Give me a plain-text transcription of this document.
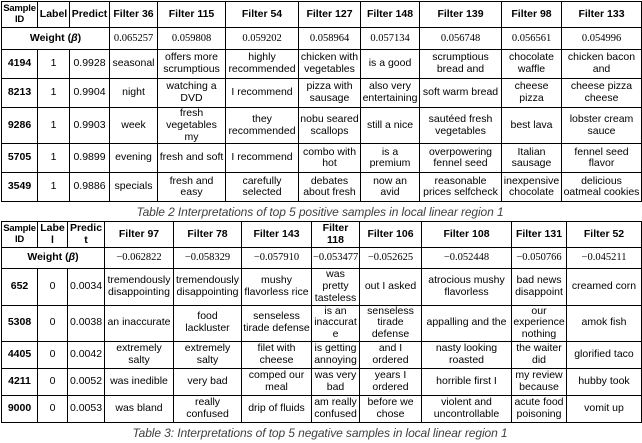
Sample ID	Label	Predict	Filter 36	Filter 115	Filter 54	Filter 127	Filter 148	Filter 139	Filter 98	Filter 133
Weight (β)			0.065257	0.059808	0.059202	0.058964	0.057134	0.056748	0.056561	0.054996
4194	1	0.9928	seasonal	offers more scrumptious	highly recommended	chicken with vegetables	is a good	scrumptious bread and	chocolate waffle	chicken bacon and
8213	1	0.9904	night	watching a DVD	I recommend	pizza with sausage	also very entertaining	soft warm bread	cheese pizza	cheese pizza cheese
9286	1	0.9903	week	fresh vegetables my	they recommended	nobu seared scallops	still a nice	sautéed fresh vegetables	best lava	lobster cream sauce
5705	1	0.9899	evening	fresh and soft	I recommend	combo with hot	is a premium	overpowering fennel seed	Italian sausage	fennel seed flavor
3549	1	0.9886	specials	fresh and easy	carefully selected	debates about fresh	now an avid	reasonable prices selfcheck	inexpensive chocolate	delicious oatmeal cookies
Table 2 Interpretations of top 5 positive samples in local linear region 1
Sample ID	Label	Predict	Filter 97	Filter 78	Filter 143	Filter 118	Filter 106	Filter 108	Filter 131	Filter 52
Weight (β)			−0.062822	−0.058329	−0.057910	−0.053477	−0.052625	−0.052448	−0.050766	−0.045211
652	0	0.0034	tremendously disappointing	tremendously disappointing	mushy flavorless rice	was pretty tasteless	out I asked	atrocious mushy flavorless	bad news disappoint	creamed corn
5308	0	0.0038	an inaccurate	food lackluster	senseless tirade defense	is an inaccurate	senseless tirade defense	appalling and the	our experience nothing	amok fish
4405	0	0.0042	extremely salty	extremely salty	filet with cheese	is getting annoying	and I ordered	nasty looking roasted	the waiter did	glorified taco
4211	0	0.0052	was inedible	very bad	comped our meal	was very bad	years I ordered	horrible first I	my review because	hubby took
9000	0	0.0053	was bland	really confused	drip of fluids	am really confused	before we chose	violent and uncontrollable	acute food poisoning	vomit up
Table 3: Interpretations of top 5 negative samples in local linear region 1
